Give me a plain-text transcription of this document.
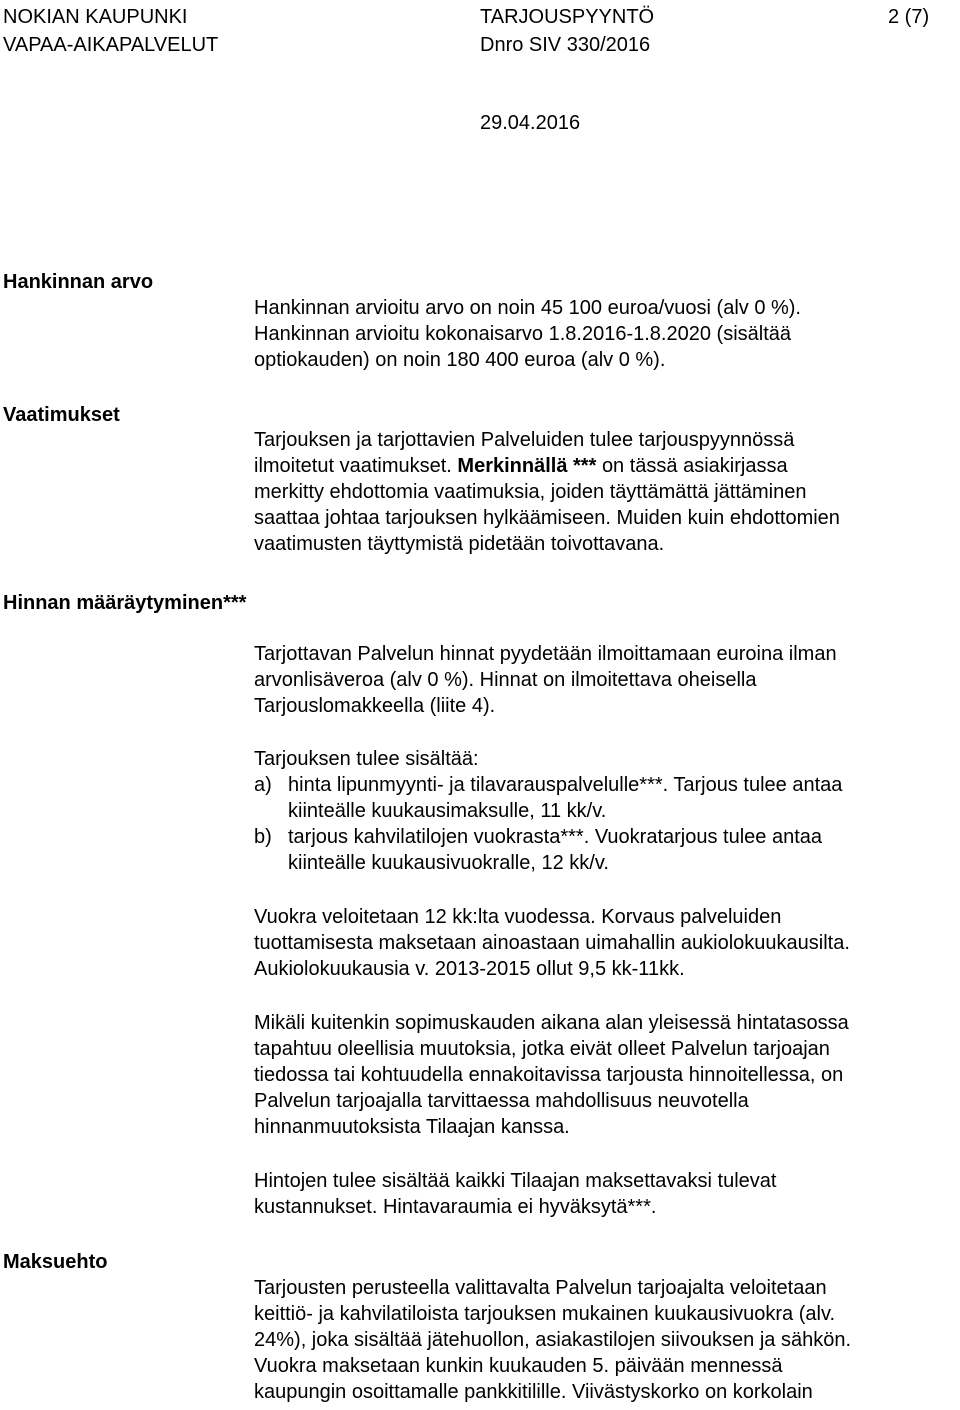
NOKIAN KAUPUNKI
VAPAA-AIKAPALVELUT
TARJOUSPYYNTÖ
Dnro SIV 330/2016
2 (7)
29.04.2016
Hankinnan arvo
Vaatimukset
Hinnan määräytyminen***
Maksuehto
Hankinnan arvioitu arvo on noin 45 100 euroa/vuosi (alv 0 %).
Hankinnan arvioitu kokonaisarvo 1.8.2016-1.8.2020 (sisältää
optiokauden) on noin 180 400 euroa (alv 0 %).
Tarjouksen ja tarjottavien Palveluiden tulee tarjouspyynnössä
ilmoitetut vaatimukset. Merkinnällä *** on tässä asiakirjassa
merkitty ehdottomia vaatimuksia, joiden täyttämättä jättäminen
saattaa johtaa tarjouksen hylkäämiseen. Muiden kuin ehdottomien
vaatimusten täyttymistä pidetään toivottavana.
Tarjottavan Palvelun hinnat pyydetään ilmoittamaan euroina ilman
arvonlisäveroa (alv 0 %). Hinnat on ilmoitettava oheisella
Tarjouslomakkeella (liite 4).
Tarjouksen tulee sisältää:
a) hinta lipunmyynti- ja tilavarauspalvelulle***. Tarjous tulee antaa
kiinteälle kuukausimaksulle, 11 kk/v.
b) tarjous kahvilatilojen vuokrasta***. Vuokratarjous tulee antaa
kiinteälle kuukausivuokralle, 12 kk/v.
Vuokra veloitetaan 12 kk:lta vuodessa. Korvaus palveluiden
tuottamisesta maksetaan ainoastaan uimahallin aukiolokuukausilta.
Aukiolokuukausia v. 2013-2015 ollut 9,5 kk-11kk.
Mikäli kuitenkin sopimuskauden aikana alan yleisessä hintatasossa
tapahtuu oleellisia muutoksia, jotka eivät olleet Palvelun tarjoajan
tiedossa tai kohtuudella ennakoitavissa tarjousta hinnoitellessa, on
Palvelun tarjoajalla tarvittaessa mahdollisuus neuvotella
hinnanmuutoksista Tilaajan kanssa.
Hintojen tulee sisältää kaikki Tilaajan maksettavaksi tulevat
kustannukset. Hintavaraumia ei hyväksytä***.
Tarjousten perusteella valittavalta Palvelun tarjoajalta veloitetaan
keittiö- ja kahvilatiloista tarjouksen mukainen kuukausivuokra (alv.
24%), joka sisältää jätehuollon, asiakastilojen siivouksen ja sähkön.
Vuokra maksetaan kunkin kuukauden 5. päivään mennessä
kaupungin osoittamalle pankkitilille. Viivästyskorko on korkolain
